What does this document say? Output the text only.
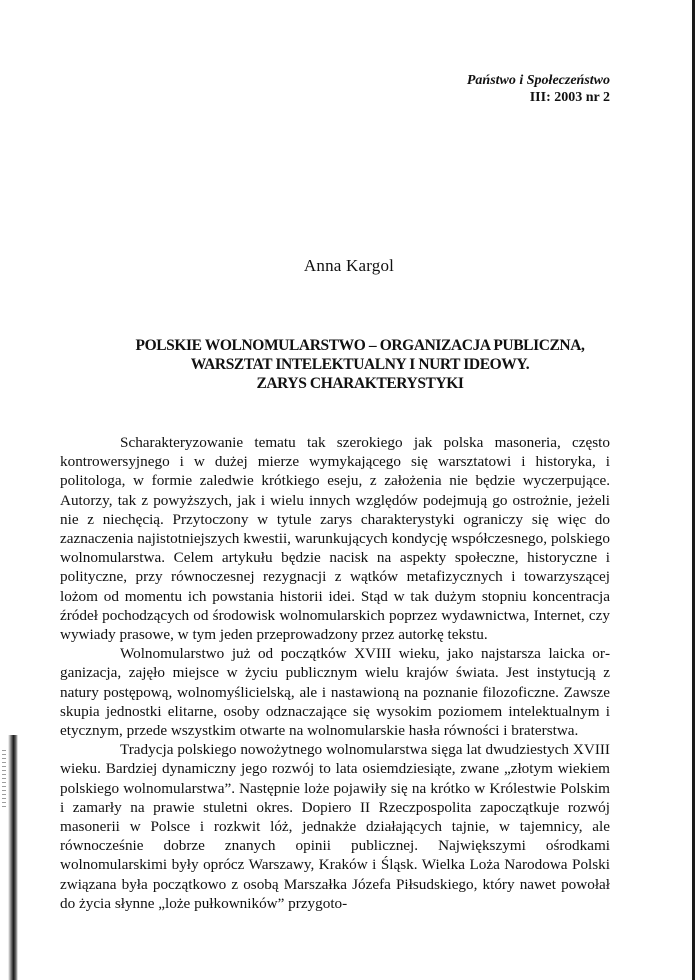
Państwo i Społeczeństwo
III: 2003 nr 2
Anna Kargol
POLSKIE WOLNOMULARSTWO – ORGANIZACJA PUBLICZNA,
WARSZTAT INTELEKTUALNY I NURT IDEOWY.
ZARYS CHARAKTERYSTYKI

Scharakteryzowanie tematu tak szerokiego jak polska masoneria, często kontrowersyjnego i w dużej mierze wymykającego się warsztatowi i historyka, i politologa, w formie zaledwie krótkiego eseju, z założenia nie będzie wyczerpujące. Autorzy, tak z powyższych, jak i wielu innych względów podejmują go ostrożnie, jeżeli nie z niechęcią. Przytoczony w tytule zarys charakterystyki ograniczy się więc do zaznaczenia najistotniejszych kwestii, warunkujących kondycję współczesnego, polskiego wolnomularstwa. Celem artykułu będzie nacisk na aspekty społeczne, historyczne i polityczne, przy równoczesnej rezygnacji z wątków metafizycznych i towarzyszącej lożom od momentu ich powstania historii idei. Stąd w tak dużym stopniu koncentracja źródeł pochodzących od środowisk wolnomularskich poprzez wydawnictwa, Internet, czy wywiady prasowe, w tym jeden przeprowadzony przez autorkę tekstu.

Wolnomularstwo już od początków XVIII wieku, jako najstarsza laicka organizacja, zajęło miejsce w życiu publicznym wielu krajów świata. Jest instytucją z natury postępową, wolnomyślicielską, ale i nastawioną na poznanie filozoficzne. Zawsze skupia jednostki elitarne, osoby odznaczające się wysokim poziomem intelektualnym i etycznym, przede wszystkim otwarte na wolnomularskie hasła równości i braterstwa.

Tradycja polskiego nowożytnego wolnomularstwa sięga lat dwudziestych XVIII wieku. Bardziej dynamiczny jego rozwój to lata osiemdziesiąte, zwane „złotym wiekiem polskiego wolnomularstwa”. Następnie loże pojawiły się na krótko w Królestwie Polskim i zamarły na prawie stuletni okres. Dopiero II Rzeczpospolita zapoczątkuje rozwój masonerii w Polsce i rozkwit lóż, jednakże działających tajnie, w tajemnicy, ale równocześnie dobrze znanych opinii publicznej. Największymi ośrodkami wolnomularskimi były oprócz Warszawy, Kraków i Śląsk. Wielka Loża Narodowa Polski związana była początkowo z osobą Marszałka Józefa Piłsudskiego, który nawet powołał do życia słynne „loże pułkowników” przygoto-
